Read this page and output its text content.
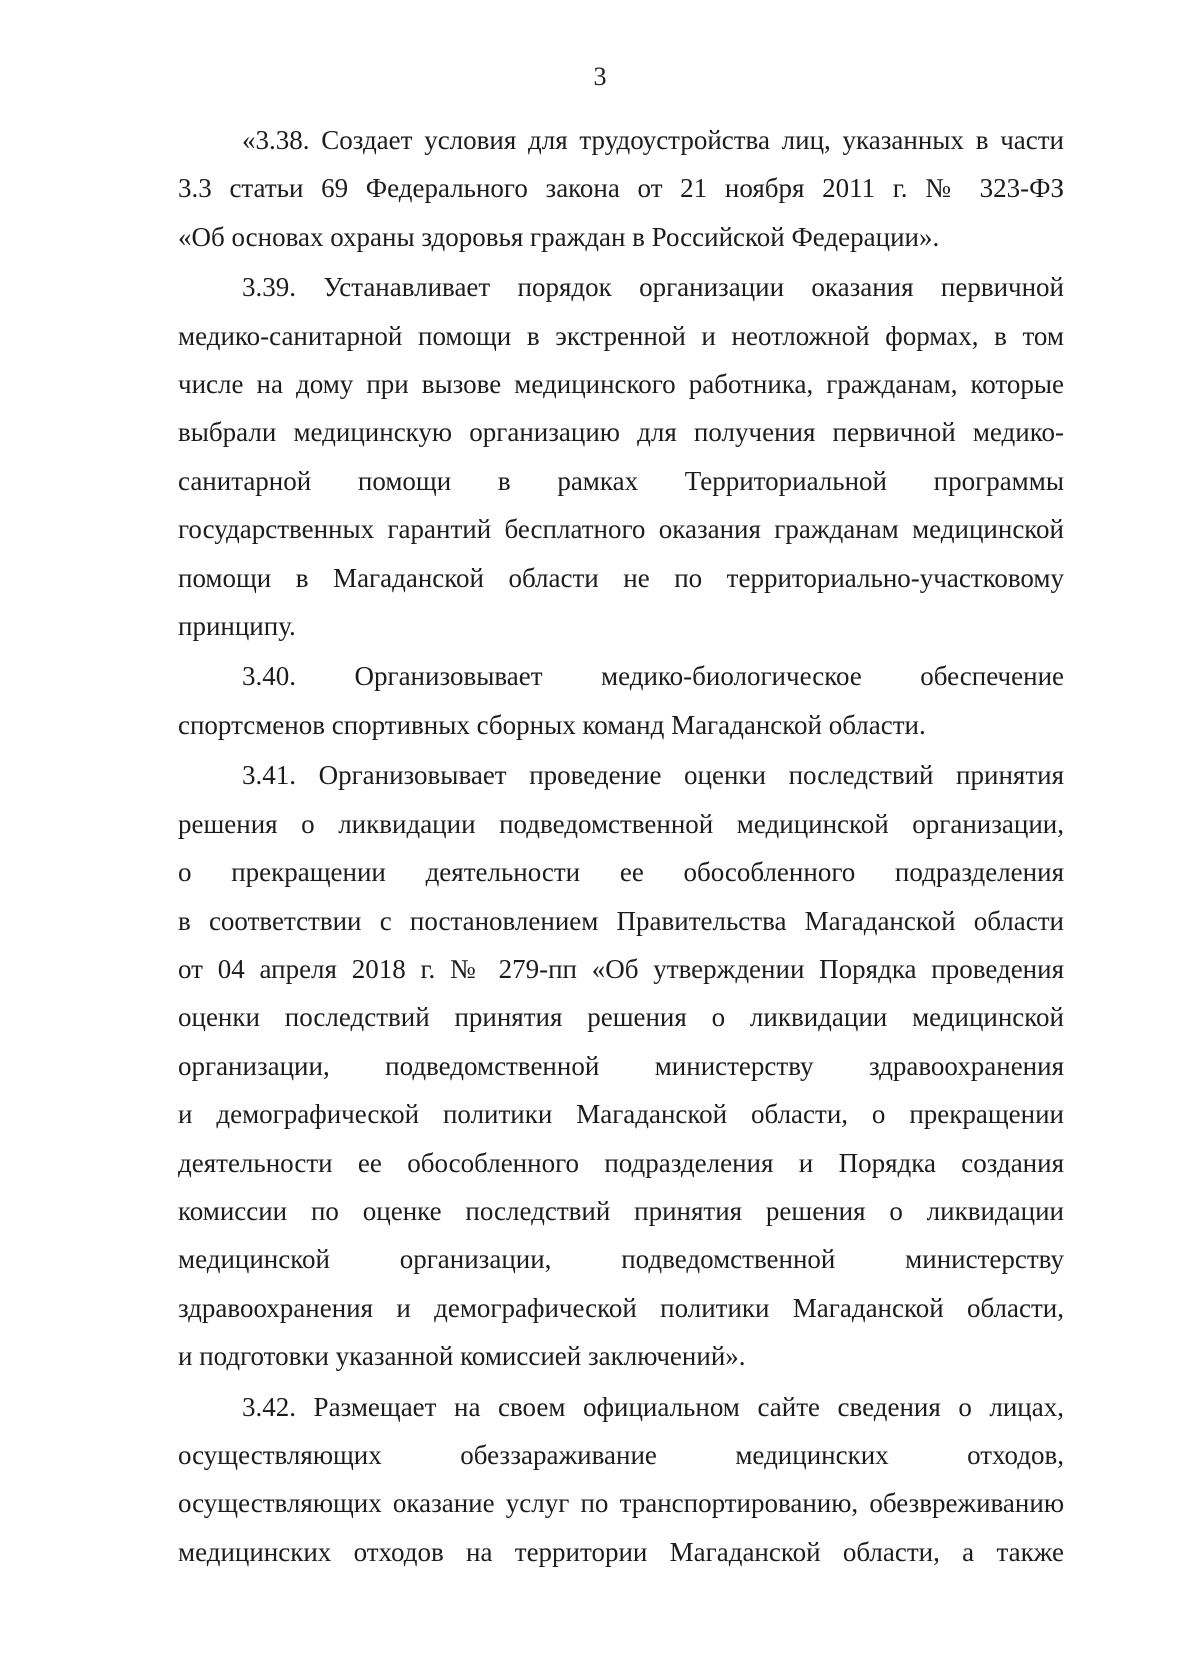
3

«3.38. Создает условия для трудоустройства лиц, указанных в части
3.3 статьи 69 Федерального закона от 21 ноября 2011 г. № 323-ФЗ
«Об основах охраны здоровья граждан в Российской Федерации».

3.39. Устанавливает порядок организации оказания первичной
медико-санитарной помощи в экстренной и неотложной формах, в том
числе на дому при вызове медицинского работника, гражданам, которые
выбрали медицинскую организацию для получения первичной медико-
санитарной помощи в рамках Территориальной программы
государственных гарантий бесплатного оказания гражданам медицинской
помощи в Магаданской области не по территориально-участковому
принципу.

3.40. Организовывает медико-биологическое обеспечение
спортсменов спортивных сборных команд Магаданской области.

3.41. Организовывает проведение оценки последствий принятия
решения о ликвидации подведомственной медицинской организации,
о прекращении деятельности ее обособленного подразделения
в соответствии с постановлением Правительства Магаданской области
от 04 апреля 2018 г. № 279-пп «Об утверждении Порядка проведения
оценки последствий принятия решения о ликвидации медицинской
организации, подведомственной министерству здравоохранения
и демографической политики Магаданской области, о прекращении
деятельности ее обособленного подразделения и Порядка создания
комиссии по оценке последствий принятия решения о ликвидации
медицинской организации, подведомственной министерству
здравоохранения и демографической политики Магаданской области,
и подготовки указанной комиссией заключений».

3.42. Размещает на своем официальном сайте сведения о лицах,
осуществляющих обеззараживание медицинских отходов,
осуществляющих оказание услуг по транспортированию, обезвреживанию
медицинских отходов на территории Магаданской области, а также
